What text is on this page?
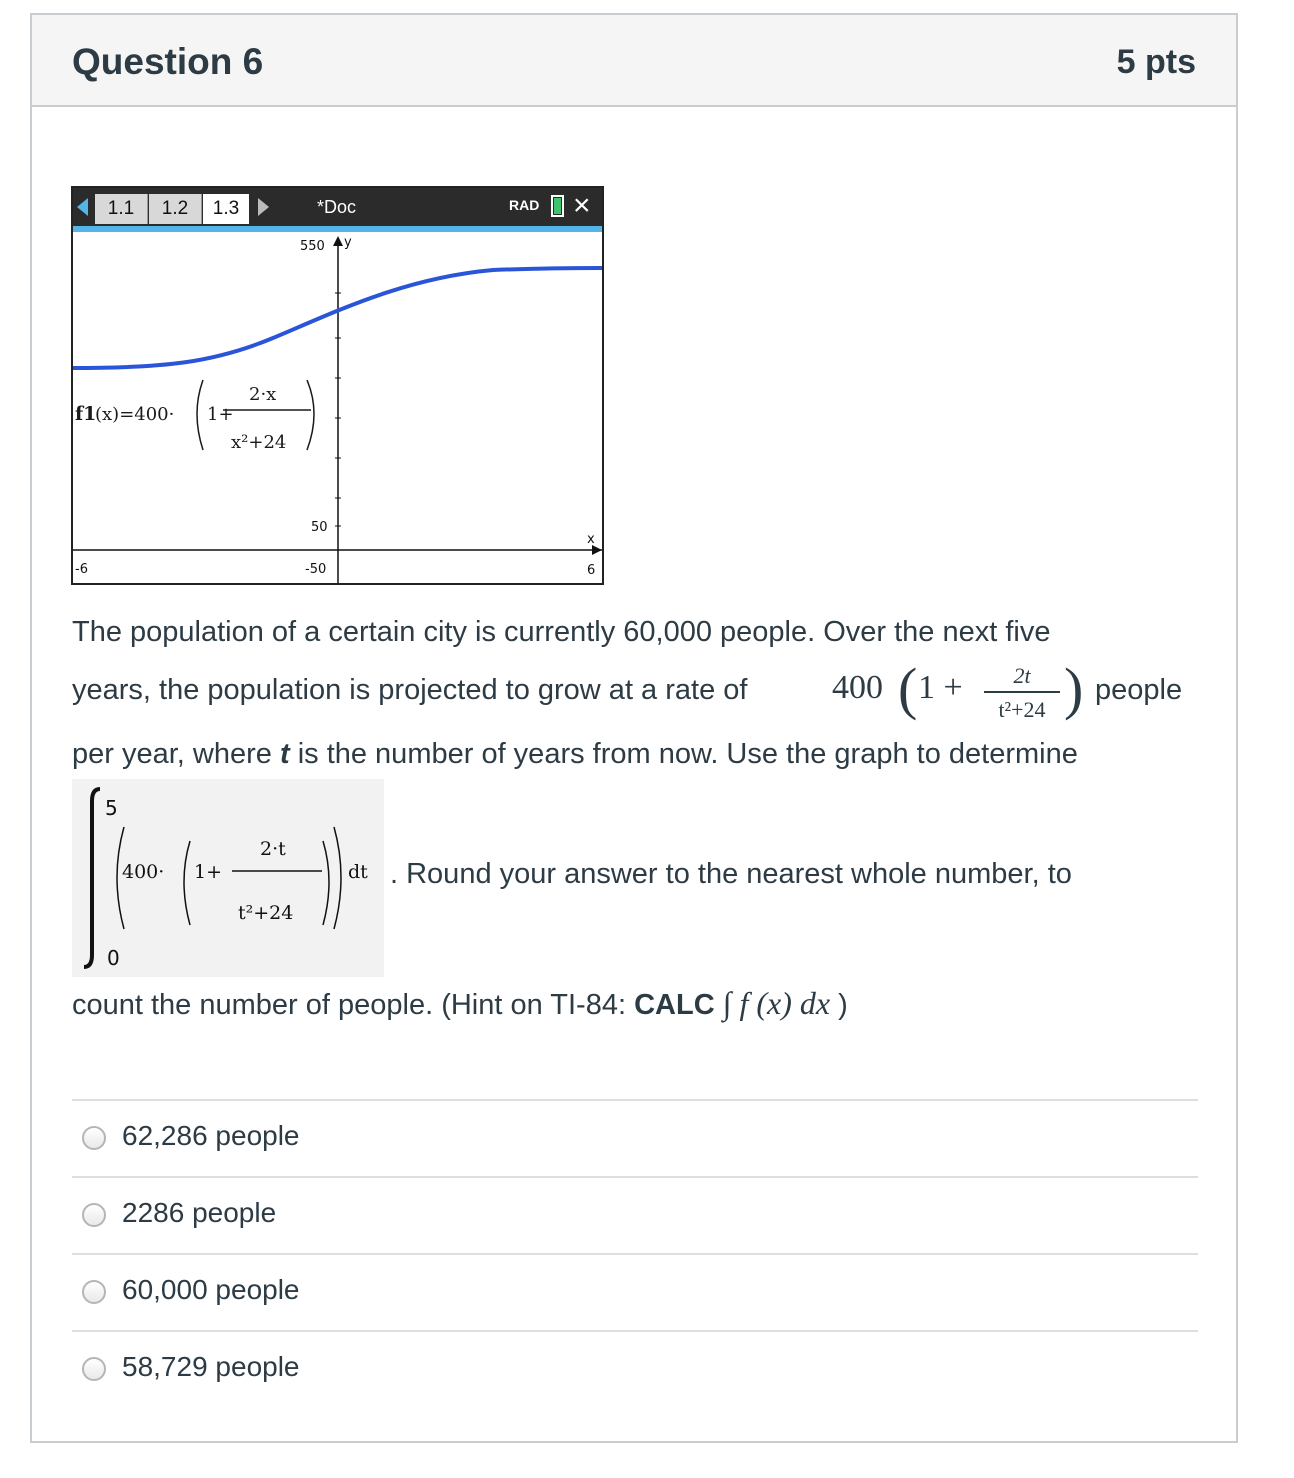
Question 6	5 pts
1.1	1.2	1.3	*Doc	RAD ×
550 y
50
-50
-6
x
6
f1
(x)=400· 1+
2·x
x²+24
The population of a certain city is currently 60,000 people. Over the next five
years, the population is projected to grow at a rate of 400 ( 1 +	2t
t²+24 ) people
per year, where t is the number of years from now. Use the graph to determine
5
0
400· 1+
2·t
t²+24
dt . Round your answer to the nearest whole number, to
count the number of people. (Hint on TI-84: CALC ∫ f (x) dx )
62,286 people
2286 people
60,000 people
58,729 people
